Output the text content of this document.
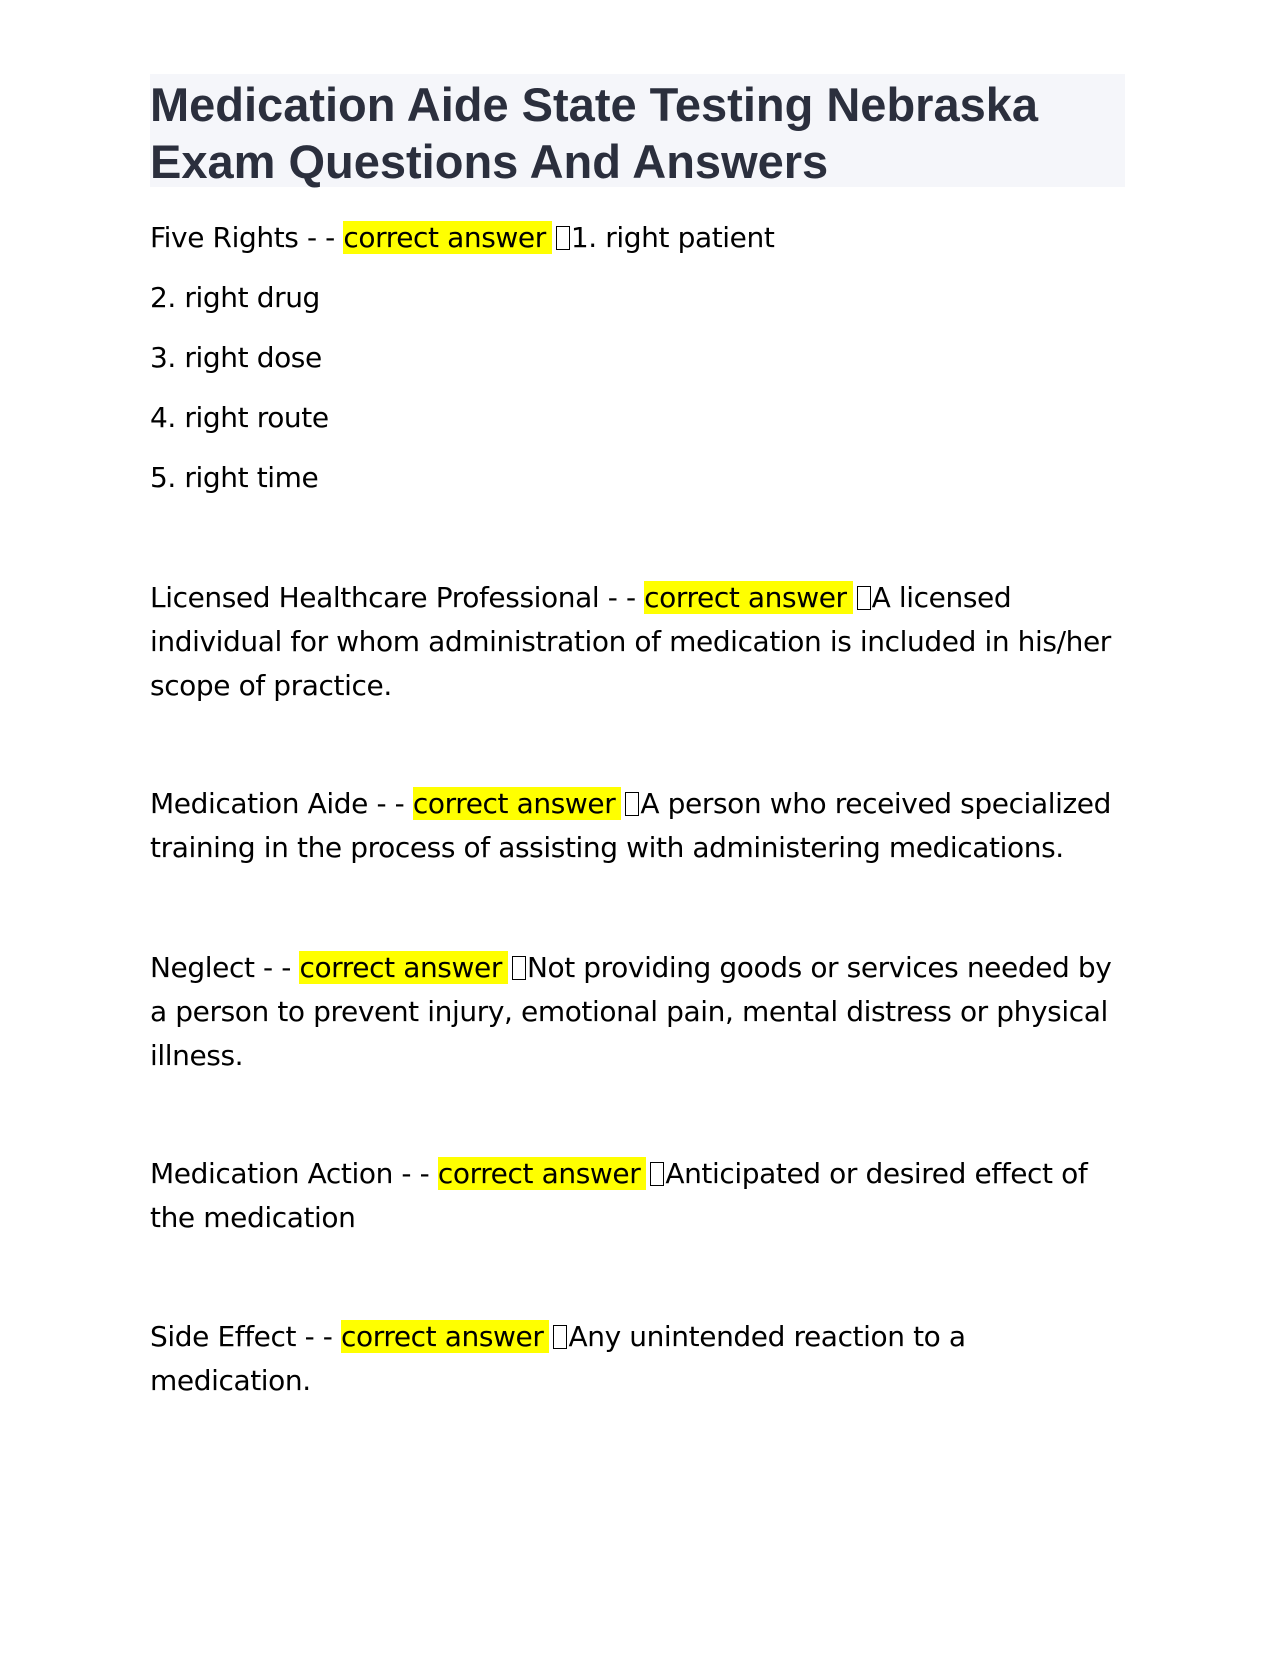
Medication Aide State Testing Nebraska
Exam Questions And Answers
Five Rights - - correct answer 1. right patient
2. right drug
3. right dose
4. right route
5. right time
Licensed Healthcare Professional - - correct answer A licensed individual for whom administration of medication is included in his/her scope of practice.
Medication Aide - - correct answer A person who received specialized training in the process of assisting with administering medications.
Neglect - - correct answer Not providing goods or services needed by a person to prevent injury, emotional pain, mental distress or physical illness.
Medication Action - - correct answer Anticipated or desired effect of the medication
Side Effect - - correct answer Any unintended reaction to a medication.
